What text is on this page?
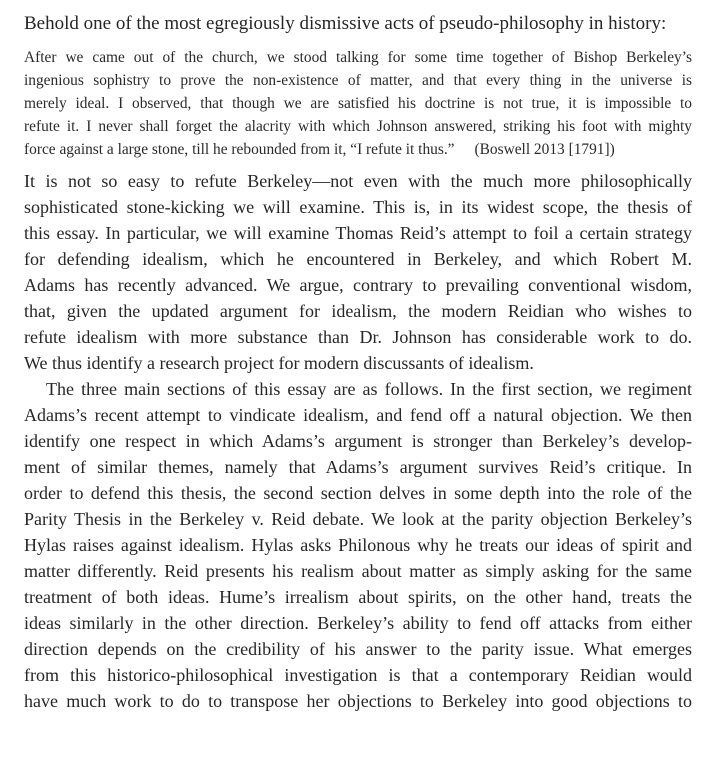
Behold one of the most egregiously dismissive acts of pseudo-philosophy in history:

After we came out of the church, we stood talking for some time together of Bishop Berkeley’s
ingenious sophistry to prove the non-existence of matter, and that every thing in the universe is
merely ideal. I observed, that though we are satisfied his doctrine is not true, it is impossible to
refute it. I never shall forget the alacrity with which Johnson answered, striking his foot with mighty
force against a large stone, till he rebounded from it, “I refute it thus.” (Boswell 2013 [1791])
It is not so easy to refute Berkeley—not even with the much more philosophically
sophisticated stone-kicking we will examine. This is, in its widest scope, the thesis of
this essay. In particular, we will examine Thomas Reid’s attempt to foil a certain strategy
for defending idealism, which he encountered in Berkeley, and which Robert M.
Adams has recently advanced. We argue, contrary to prevailing conventional wisdom,
that, given the updated argument for idealism, the modern Reidian who wishes to
refute idealism with more substance than Dr. Johnson has considerable work to do.
We thus identify a research project for modern discussants of idealism.
The three main sections of this essay are as follows. In the first section, we regiment
Adams’s recent attempt to vindicate idealism, and fend off a natural objection. We then
identify one respect in which Adams’s argument is stronger than Berkeley’s develop-
ment of similar themes, namely that Adams’s argument survives Reid’s critique. In
order to defend this thesis, the second section delves in some depth into the role of the
Parity Thesis in the Berkeley v. Reid debate. We look at the parity objection Berkeley’s
Hylas raises against idealism. Hylas asks Philonous why he treats our ideas of spirit and
matter differently. Reid presents his realism about matter as simply asking for the same
treatment of both ideas. Hume’s irrealism about spirits, on the other hand, treats the
ideas similarly in the other direction. Berkeley’s ability to fend off attacks from either
direction depends on the credibility of his answer to the parity issue. What emerges
from this historico-philosophical investigation is that a contemporary Reidian would
have much work to do to transpose her objections to Berkeley into good objections to
